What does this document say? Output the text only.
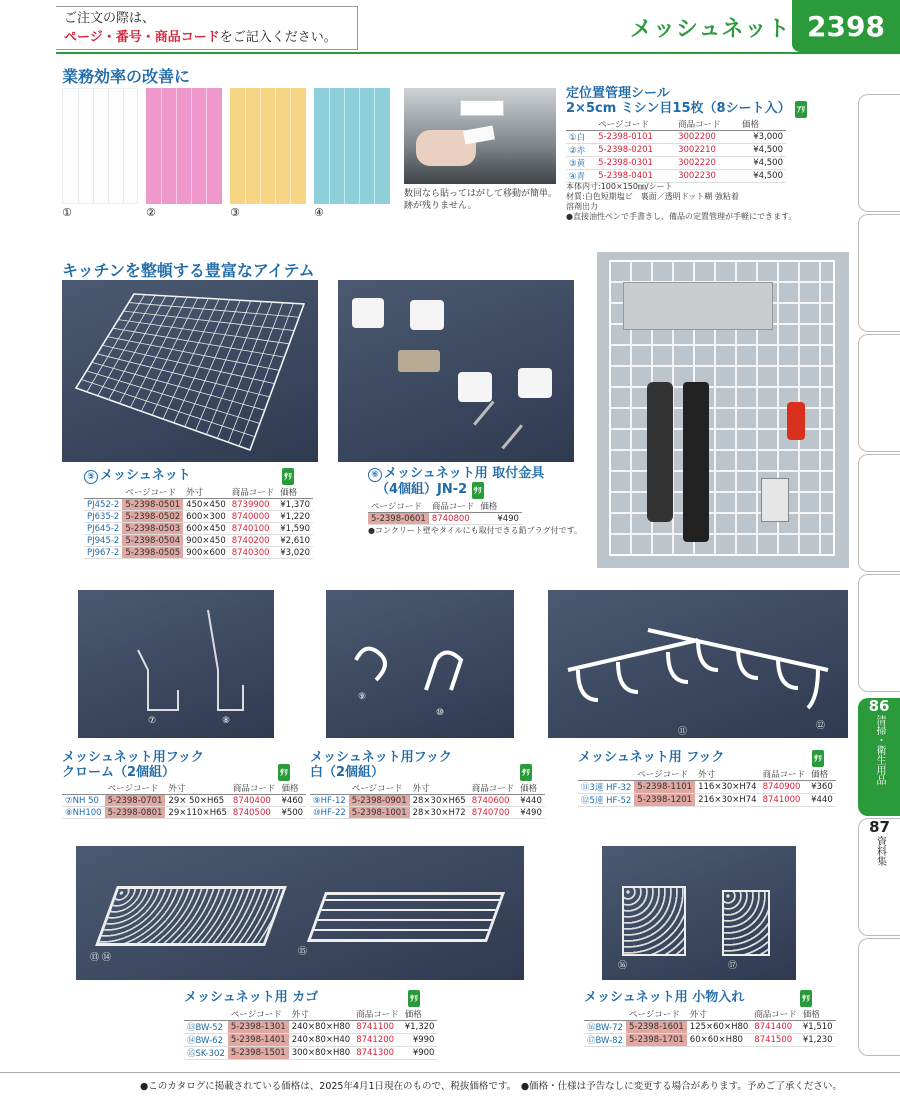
ご注文の際は、
ページ・番号・商品コードをご記入ください。	メッシュネット 2398
業務効率の改善に
①	②	③	④
数回なら貼ってはがして移動が簡単。跡が残りません。
定位置管理シール
2×5cm ミシン目15枚（8シート入） ｱﾘ
	ページコード	商品コード	価格
①白	5-2398-0101	3002200	¥3,000
②赤	5-2398-0201	3002210	¥4,500
③黄	5-2398-0301	3002220	¥4,500
④青	5-2398-0401	3002230	¥4,500
本体内寸:100×150㎜/シート
材質:白色短期塩ビ　裏面／透明ドット糊 強粘着
溶剤出力
●直接油性ペンで手書きし、備品の定置管理が手軽にできます。
キッチンを整頓する豊富なアイテム
⑤ メッシュネット	ｻﾘ
	ページコード	外寸	商品コード	価格
PJ452-2	5-2398-0501	450×450	8739900	¥1,370
PJ635-2	5-2398-0502	600×300	8740000	¥1,220
PJ645-2	5-2398-0503	600×450	8740100	¥1,590
PJ945-2	5-2398-0504	900×450	8740200	¥2,610
PJ967-2	5-2398-0505	900×600	8740300	¥3,020
⑥ メッシュネット用 取付金具
（4個組）JN-2 ｻﾘ
ページコード	商品コード	価格
5-2398-0601	8740800	¥490
●コンクリート壁やタイルにも取付できる鉛プラグ付です。
⑦	⑧
⑨
⑩
⑪
⑫
メッシュネット用フック
クローム（2個組）	ｻﾘ
	ページコード	外寸	商品コード	価格
⑦NH 50	5-2398-0701	29× 50×H65	8740400	¥460
⑧NH100	5-2398-0801	29×110×H65	8740500	¥500
メッシュネット用フック
白（2個組）	ｻﾘ
	ページコード	外寸	商品コード	価格
⑨HF-12	5-2398-0901	28×30×H65	8740600	¥440
⑩HF-22	5-2398-1001	28×30×H72	8740700	¥490
メッシュネット用 フック	ｻﾘ
	ページコード	外寸	商品コード	価格
⑪3連 HF-32	5-2398-1101	116×30×H74	8740900	¥360
⑫5連 HF-52	5-2398-1201	216×30×H74	8741000	¥440
⑬ ⑭
⑮
メッシュネット用 カゴ	ｻﾘ
	ページコード	外寸	商品コード	価格
⑬BW-52	5-2398-1301	240×80×H80	8741100	¥1,320
⑭BW-62	5-2398-1401	240×80×H40	8741200	¥990
⑮SK-302	5-2398-1501	300×80×H80	8741300	¥900
⑯	⑰
メッシュネット用 小物入れ	ｻﾘ
	ページコード	外寸	商品コード	価格
⑯BW-72	5-2398-1601	125×60×H80	8741400	¥1,510
⑰BW-82	5-2398-1701	60×60×H80	8741500	¥1,230
86
清掃・衛生用品
87
資料集
●このカタログに掲載されている価格は、2025年4月1日現在のもので、税抜価格です。　●価格・仕様は予告なしに変更する場合があります。予めご了承ください。
